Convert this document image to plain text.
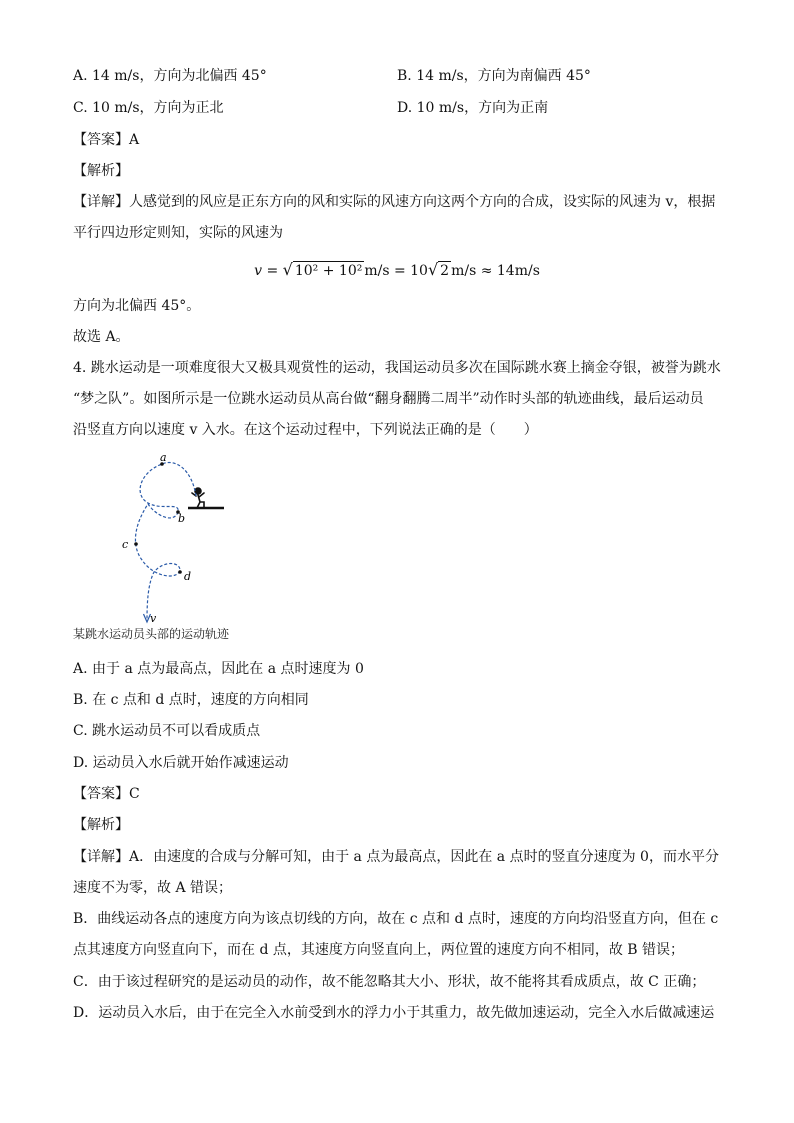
A. 14 m/s，方向为北偏西 45°	B. 14 m/s，方向为南偏西 45°
C. 10 m/s，方向为正北	D. 10 m/s，方向为正南
【答案】A
【解析】
【详解】人感觉到的风应是正东方向的风和实际的风速方向这两个方向的合成，设实际的风速为 v，根据
平行四边形定则知，实际的风速为
v = √ 10² + 10² m/s = 10√ 2 m/s ≈ 14m/s
方向为北偏西 45°。
故选 A。
4. 跳水运动是一项难度很大又极具观赏性的运动，我国运动员多次在国际跳水赛上摘金夺银，被誉为跳水
“梦之队”。如图所示是一位跳水运动员从高台做“翻身翻腾二周半”动作时头部的轨迹曲线，最后运动员
沿竖直方向以速度 v 入水。在这个运动过程中，下列说法正确的是（　　）
a
b
c
d
v
某跳水运动员头部的运动轨迹
A. 由于 a 点为最高点，因此在 a 点时速度为 0
B. 在 c 点和 d 点时，速度的方向相同
C. 跳水运动员不可以看成质点
D. 运动员入水后就开始作减速运动
【答案】C
【解析】
【详解】A．由速度的合成与分解可知，由于 a 点为最高点，因此在 a 点时的竖直分速度为 0，而水平分
速度不为零，故 A 错误；
B．曲线运动各点的速度方向为该点切线的方向，故在 c 点和 d 点时，速度的方向均沿竖直方向，但在 c
点其速度方向竖直向下，而在 d 点，其速度方向竖直向上，两位置的速度方向不相同，故 B 错误；
C．由于该过程研究的是运动员的动作，故不能忽略其大小、形状，故不能将其看成质点，故 C 正确；
D．运动员入水后，由于在完全入水前受到水的浮力小于其重力，故先做加速运动，完全入水后做减速运
